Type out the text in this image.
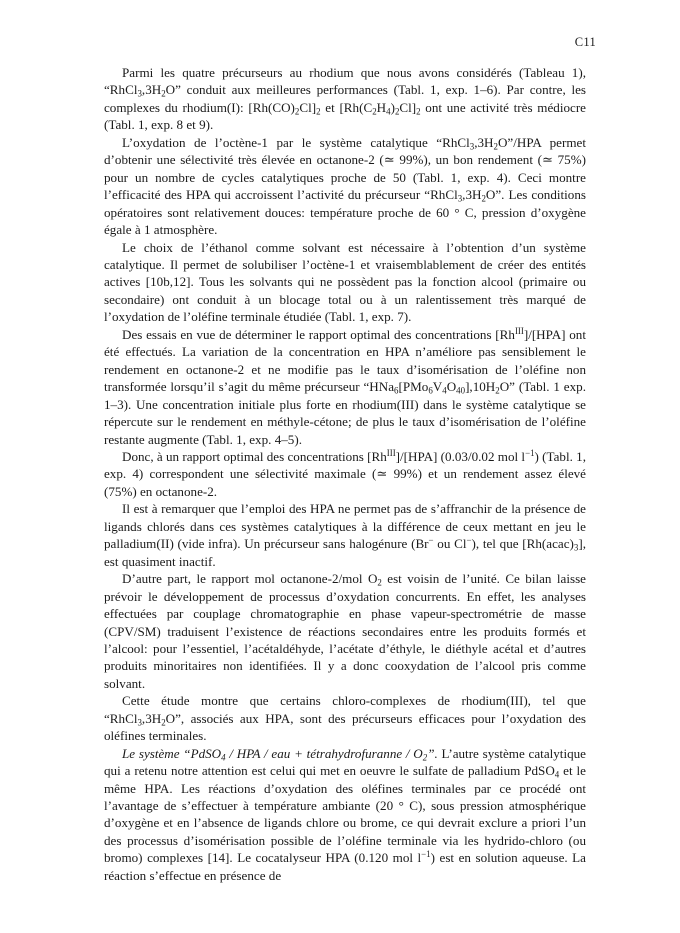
C11

Parmi les quatre précurseurs au rhodium que nous avons considérés (Tableau 1), “$RhCl_3,3H_2O$” conduit aux meilleures performances (Tabl. 1, exp. 1–6). Par contre, les complexes du rhodium(I): $[Rh(CO)_2Cl]_2$ et $[Rh(C_2H_4)_2Cl]_2$ ont une activité très médiocre (Tabl. 1, exp. 8 et 9).

L’oxydation de l’octène-1 par le système catalytique “$RhCl_3,3H_2O$”/HPA permet d’obtenir une sélectivité très élevée en octanone-2 (≃ 99%), un bon rendement (≃ 75%) pour un nombre de cycles catalytiques proche de 50 (Tabl. 1, exp. 4). Ceci montre l’efficacité des HPA qui accroissent l’activité du précurseur “$RhCl_3,3H_2O$”. Les conditions opératoires sont relativement douces: température proche de 60 ° C, pression d’oxygène égale à 1 atmosphère.

Le choix de l’éthanol comme solvant est nécessaire à l’obtention d’un système catalytique. Il permet de solubiliser l’octène-1 et vraisemblablement de créer des entités actives [10b,12]. Tous les solvants qui ne possèdent pas la fonction alcool (primaire ou secondaire) ont conduit à un blocage total ou à un ralentissement très marqué de l’oxydation de l’oléfine terminale étudiée (Tabl. 1, exp. 7).

Des essais en vue de déterminer le rapport optimal des concentrations $[Rh^{III}]/[HPA]$ ont été effectués. La variation de la concentration en HPA n’améliore pas sensiblement le rendement en octanone-2 et ne modifie pas le taux d’isomérisation de l’oléfine non transformée lorsqu’il s’agit du même précurseur “$HNa_6[PMo_6V_4O_{40}],10H_2O$” (Tabl. 1 exp. 1–3). Une concentration initiale plus forte en rhodium(III) dans le système catalytique se répercute sur le rendement en méthyle-cétone; de plus le taux d’isomérisation de l’oléfine restante augmente (Tabl. 1, exp. 4–5).

Donc, à un rapport optimal des concentrations $[Rh^{III}]/[HPA]$ (0.03/0.02 mol $l^{-1}$) (Tabl. 1, exp. 4) correspondent une sélectivité maximale (≃ 99%) et un rendement assez élevé (75%) en octanone-2.

Il est à remarquer que l’emploi des HPA ne permet pas de s’affranchir de la présence de ligands chlorés dans ces systèmes catalytiques à la différence de ceux mettant en jeu le palladium(II) (vide infra). Un précurseur sans halogénure (Br− ou Cl−), tel que $[Rh(acac)_3]$, est quasiment inactif.

D’autre part, le rapport mol octanone-2/mol $O_2$ est voisin de l’unité. Ce bilan laisse prévoir le développement de processus d’oxydation concurrents. En effet, les analyses effectuées par couplage chromatographie en phase vapeur-spectrométrie de masse (CPV/SM) traduisent l’existence de réactions secondaires entre les produits formés et l’alcool: pour l’essentiel, l’acétaldéhyde, l’acétate d’éthyle, le diéthyle acétal et d’autres produits minoritaires non identifiées. Il y a donc cooxydation de l’alcool pris comme solvant.

Cette étude montre que certains chloro-complexes de rhodium(III), tel que “$RhCl_3,3H_2O$”, associés aux HPA, sont des précurseurs efficaces pour l’oxydation des oléfines terminales.

Le système “PdSO$_4$ / HPA / eau + tétrahydrofuranne / $O_2$”. L’autre système catalytique qui a retenu notre attention est celui qui met en oeuvre le sulfate de palladium PdSO$_4$ et le même HPA. Les réactions d’oxydation des oléfines terminales par ce procédé ont l’avantage de s’effectuer à température ambiante (20 ° C), sous pression atmosphérique d’oxygène et en l’absence de ligands chlore ou brome, ce qui devrait exclure a priori l’un des processus d’isomérisation possible de l’oléfine terminale via les hydrido-chloro (ou bromo) complexes [14]. Le cocatalyseur HPA (0.120 mol $l^{-1}$) est en solution aqueuse. La réaction s’effectue en présence de
